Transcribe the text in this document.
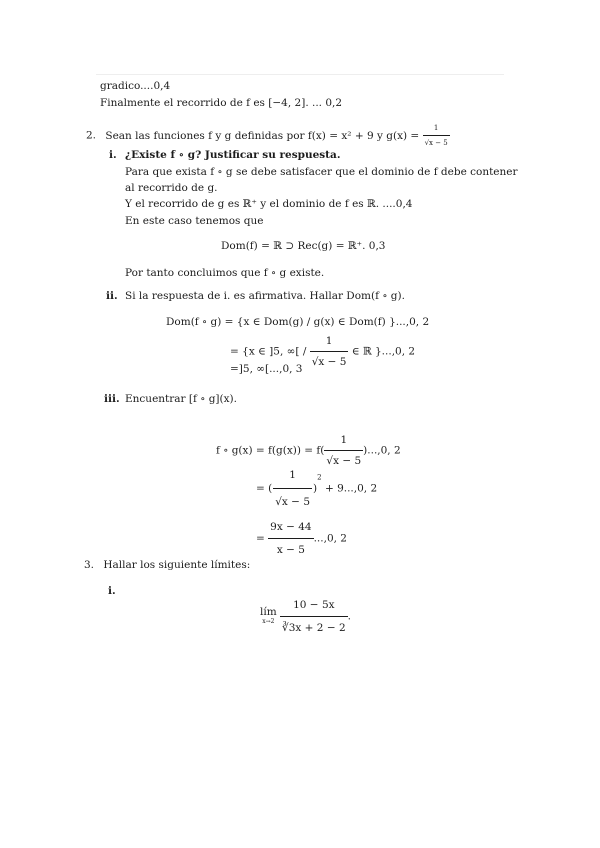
gradico....0,4
Finalmente el recorrido de f es [−4, 2]. ... 0,2
2. Sean las funciones f y g definidas por f(x) = x² + 9 y $g(x) = \frac{1}{√x - 5}$
i. ¿Existe f ∘ g? Justificar su respuesta.
Para que exista f ∘ g se debe satisfacer que el dominio de f debe contener
al recorrido de g.
Y el recorrido de g es ℝ⁺ y el dominio de f es ℝ. ....0,4
En este caso tenemos que
Dom(f) = ℝ ⊃ Rec(g) = ℝ⁺. 0,3
Por tanto concluimos que f ∘ g existe.
ii. Si la respuesta de i. es afirmativa. Hallar Dom(f ∘ g).
Dom(f ∘ g) = {x ∈ Dom(g) / g(x) ∈ Dom(f) }...,0, 2
= {x ∈ ]5, ∞[ / $\frac{1}{√x - 5}$ ∈ ℝ }...,0, 2
=]5, ∞[...,0, 3
iii. Encuentrar [f ∘ g](x).
f ∘ $g(x) = f(g(x)) = f( \frac{1}{√x - 5} )...,0$, 2
= ( $\frac{1}{√x - 5} )^2 + 9...,0$, 2
= $\frac{9x - 44}{x - 5} ...,0$, 2
3. Hallar los siguiente límites:
i.
lím
x→2
$\frac{10 - 5x}{∛3x + 2 - 2}$ .
